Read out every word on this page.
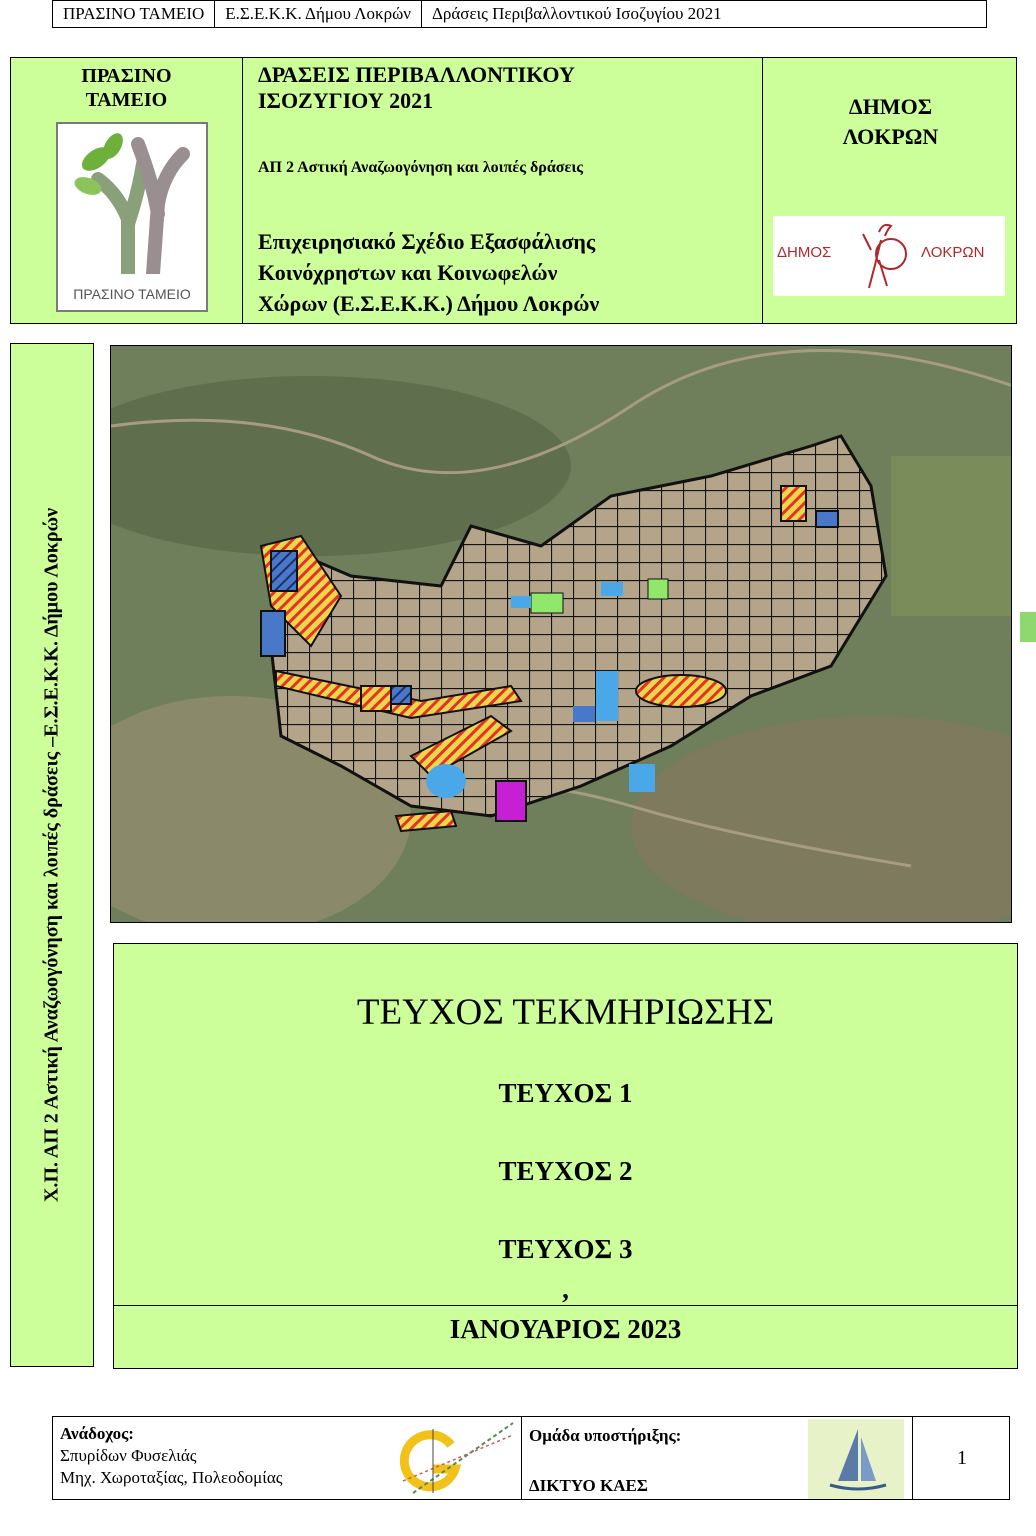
ΠΡΑΣΙΝΟ ΤΑΜΕΙΟ	Ε.Σ.Ε.Κ.Κ. Δήμου Λοκρών	Δράσεις Περιβαλλοντικού Ισοζυγίου 2021
ΠΡΑΣΙΝΟ
ΤΑΜΕΙΟ
ΠΡΑΣΙΝΟ ΤΑΜΕΙΟ
ΔΡΑΣΕΙΣ ΠΕΡΙΒΑΛΛΟΝΤΙΚΟΥ
ΙΣΟΖΥΓΙΟΥ 2021
ΑΠ 2 Αστική Αναζωογόνηση και λοιπές δράσεις
Επιχειρησιακό Σχέδιο Εξασφάλισης
Κοινόχρηστων και Κοινωφελών
Χώρων (Ε.Σ.Ε.Κ.Κ.) Δήμου Λοκρών
ΔΗΜΟΣ
ΛΟΚΡΩΝ
ΔΗΜΟΣ	ΛΟΚΡΩΝ
Χ.Π. ΑΠ 2 Αστική Αναζωογόνηση και λοιπές δράσεις –Ε.Σ.Ε.Κ.Κ. Δήμου Λοκρών	ΤΕΥΧΟΣ ΤΕΚΜΗΡΙΩΣΗΣ
ΤΕΥΧΟΣ 1
ΤΕΥΧΟΣ 2
ΤΕΥΧΟΣ 3
,
ΙΑΝΟΥΑΡΙΟΣ 2023
Ανάδοχος:
Σπυρίδων Φυσελιάς
Μηχ. Χωροταξίας, Πολεοδομίας
Ομάδα υποστήριξης:
ΔΙΚΤΥΟ ΚΑΕΣ
1
